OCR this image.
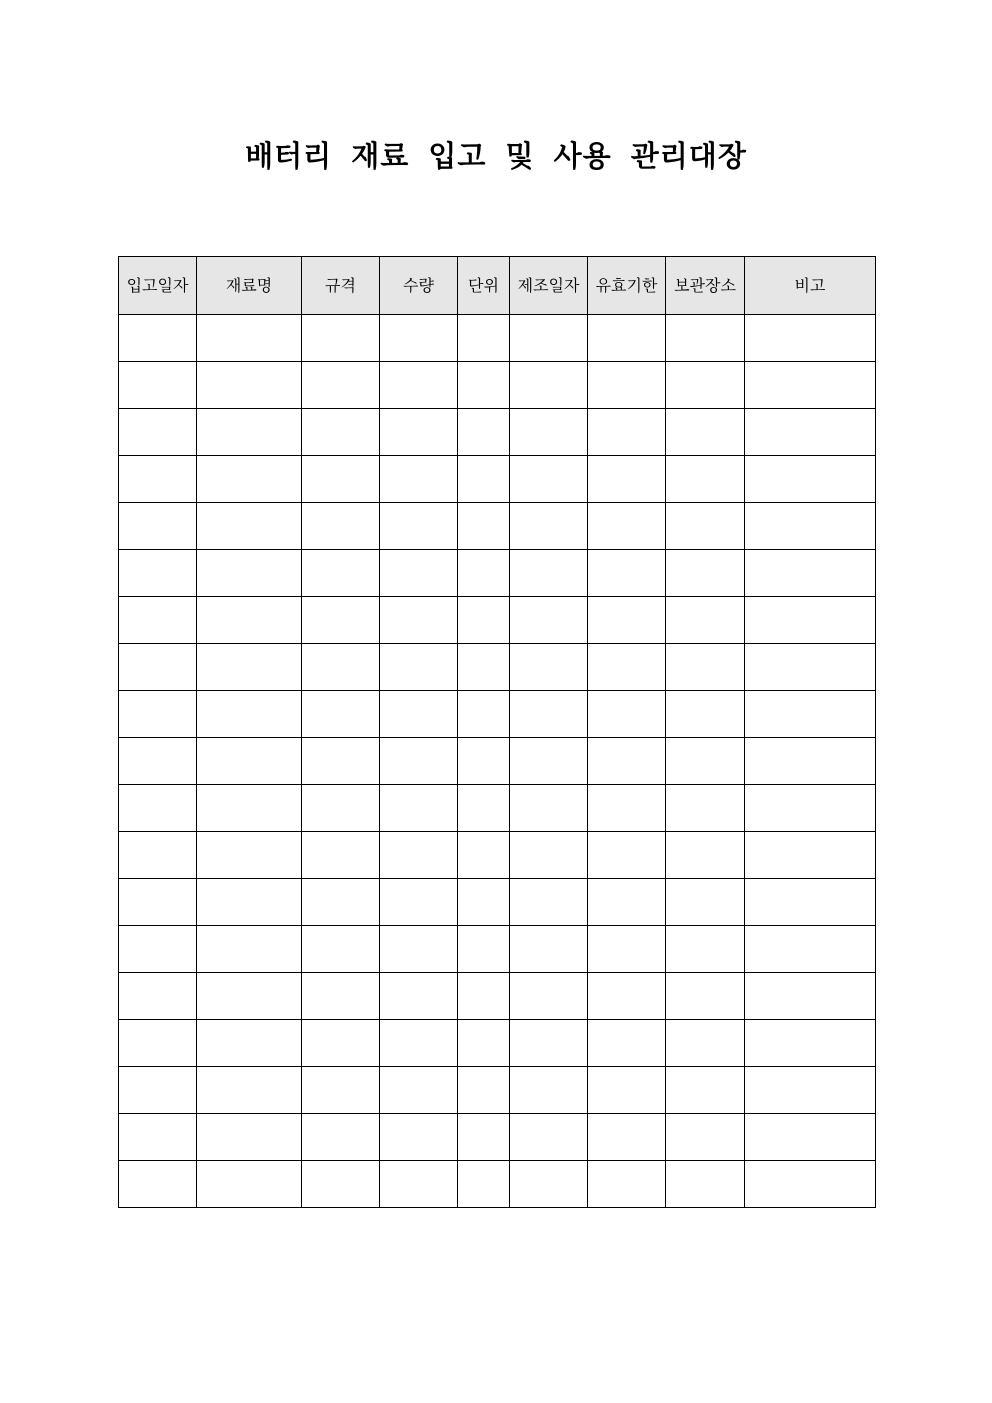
배터리 재료 입고 및 사용 관리대장
입고일자	재료명	규격	수량	단위	제조일자	유효기한	보관장소	비고
